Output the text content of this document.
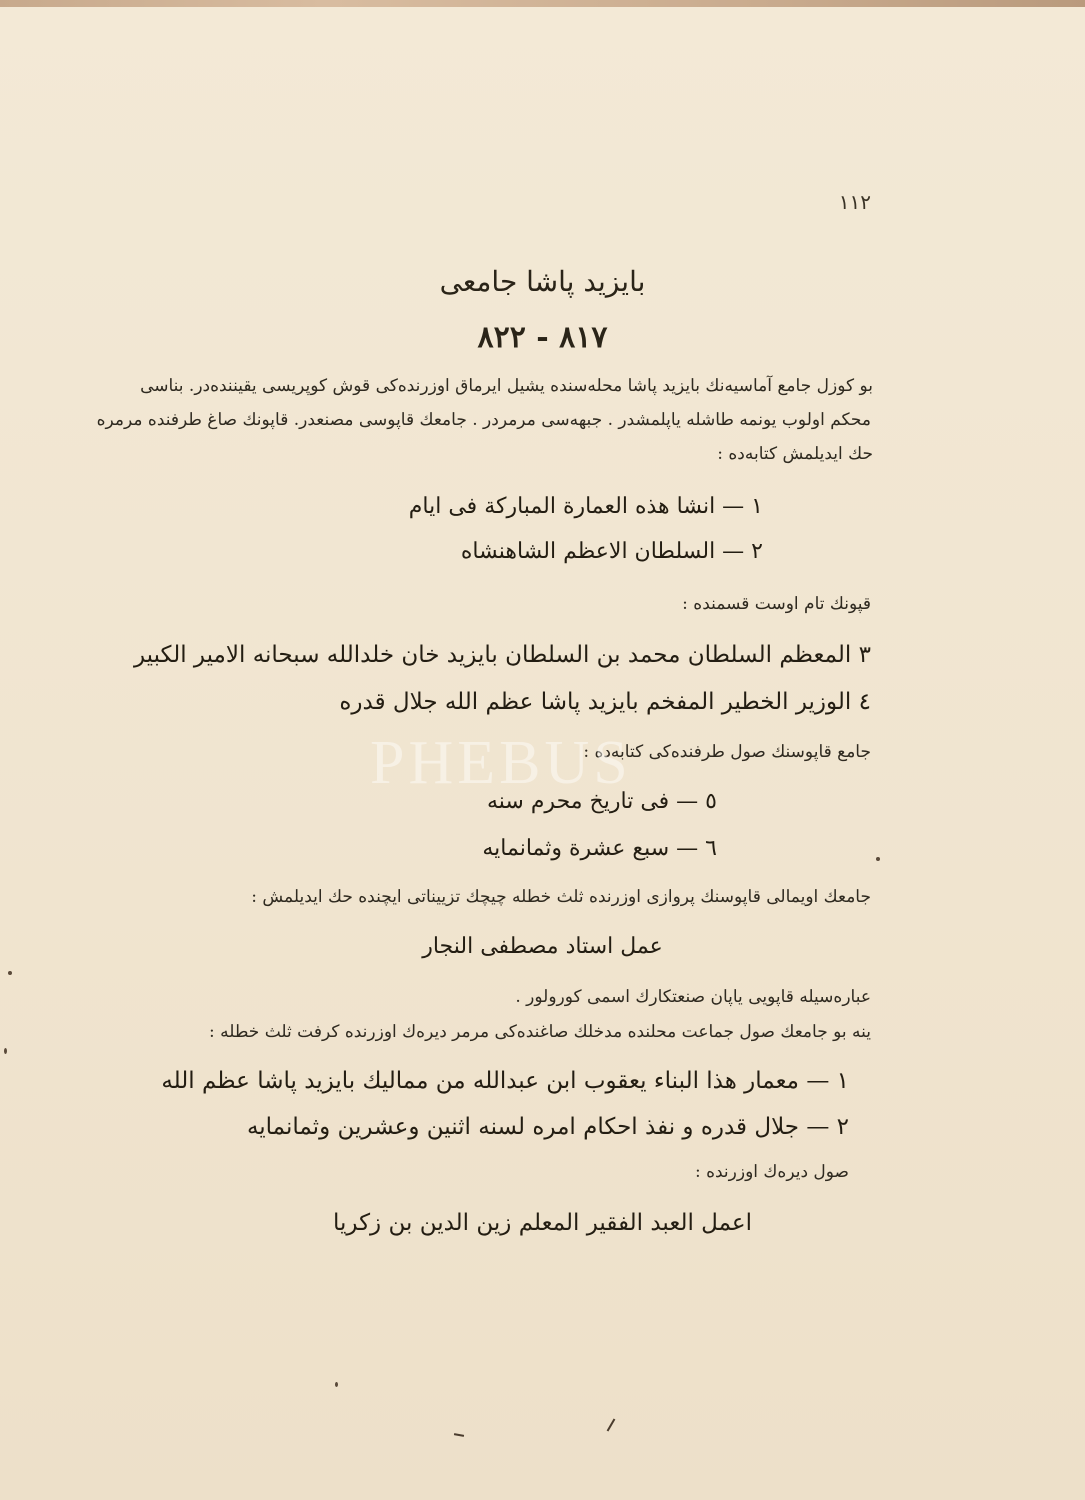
١١٢
بايزيد پاشا جامعى
٨١٧ - ٨٢٢
بو كوزل جامع آماسيه‌نك بايزيد پاشا محله‌سنده يشيل ايرماق اوزرنده‌كى قوش كوپريسى يقيننده‌در. بناسى
محكم اولوب يونمه طاشله ياپلمشدر . جبهه‌سى مرمردر . جامعك قاپوسى مصنعدر. قاپونك صاغ طرفنده مرمره
حك ايديلمش كتابه‌ده :
١ — انشا هذه العمارة المباركة فى ايام
٢ — السلطان الاعظم الشاهنشاه
قپونك تام اوست قسمنده :
٣ المعظم السلطان محمد بن السلطان بايزيد خان خلدالله سبحانه الامير الكبير
٤ الوزير الخطير المفخم بايزيد پاشا عظم الله جلال قدره
جامع قاپوسنك صول طرفنده‌كى كتابه‌ده :
PHEBUS
٥ — فى تاريخ محرم سنه
٦ — سبع عشرة وثمانمايه
جامعك اويمالى قاپوسنك پروازى اوزرنده ثلث خطله چيچك تزييناتى ايچنده حك ايديلمش :
عمل استاد مصطفى النجار
عباره‌سيله قاپويى ياپان صنعتكارك اسمى كورولور .
ينه بو جامعك صول جماعت محلنده مدخلك صاغنده‌كى مرمر ديره‌ك اوزرنده كرفت ثلث خطله :
١ — معمار هذا البناء يعقوب ابن عبدالله من مماليك بايزيد پاشا عظم الله
٢ — جلال قدره و نفذ احكام امره لسنه اثنين وعشرين وثمانمايه
صول ديره‌ك اوزرنده :
اعمل العبد الفقير المعلم زين الدين بن زكريا
